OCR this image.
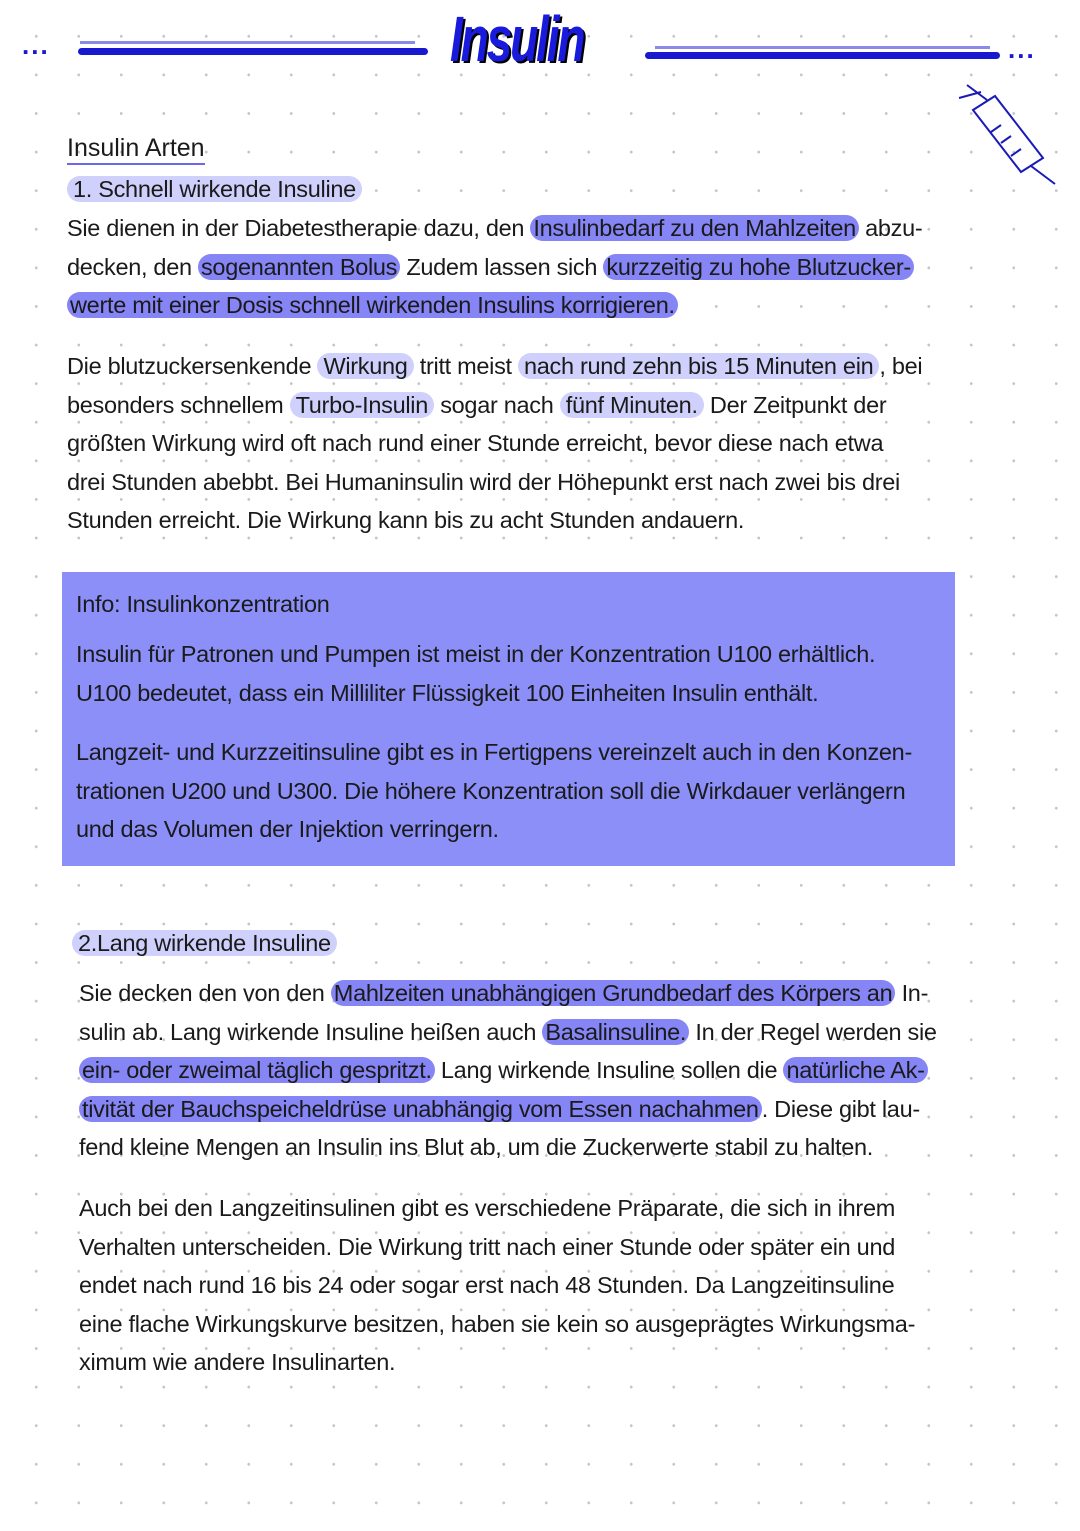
...	Insulin	...
Insulin Arten
1. Schnell wirkende Insuline
Info: Insulinkonzentration
2.Lang wirkende Insuline
Sie dienen in der Diabetestherapie dazu, den Insulinbedarf zu den Mahlzeiten abzu-
decken, den sogenannten Bolus Zudem lassen sich kurzzeitig zu hohe Blutzucker-
werte mit einer Dosis schnell wirkenden Insulins korrigieren.
Die blutzuckersenkende Wirkung tritt meist nach rund zehn bis 15 Minuten ein , bei
besonders schnellem Turbo-Insulin sogar nach fünf Minuten. Der Zeitpunkt der
größten Wirkung wird oft nach rund einer Stunde erreicht, bevor diese nach etwa
drei Stunden abebbt. Bei Humaninsulin wird der Höhepunkt erst nach zwei bis drei
Stunden erreicht. Die Wirkung kann bis zu acht Stunden andauern.
Insulin für Patronen und Pumpen ist meist in der Konzentration U100 erhältlich.
U100 bedeutet, dass ein Milliliter Flüssigkeit 100 Einheiten Insulin enthält.
Langzeit- und Kurzzeitinsuline gibt es in Fertigpens vereinzelt auch in den Konzen-
trationen U200 und U300. Die höhere Konzentration soll die Wirkdauer verlängern
und das Volumen der Injektion verringern.
Sie decken den von den Mahlzeiten unabhängigen Grundbedarf des Körpers an In-
sulin ab. Lang wirkende Insuline heißen auch Basalinsuline. In der Regel werden sie
ein- oder zweimal täglich gespritzt. Lang wirkende Insuline sollen die natürliche Ak-
tivität der Bauchspeicheldrüse unabhängig vom Essen nachahmen . Diese gibt lau-
fend kleine Mengen an Insulin ins Blut ab, um die Zuckerwerte stabil zu halten.
Auch bei den Langzeitinsulinen gibt es verschiedene Präparate, die sich in ihrem
Verhalten unterscheiden. Die Wirkung tritt nach einer Stunde oder später ein und
endet nach rund 16 bis 24 oder sogar erst nach 48 Stunden. Da Langzeitinsuline
eine flache Wirkungskurve besitzen, haben sie kein so ausgeprägtes Wirkungsma-
ximum wie andere Insulinarten.
